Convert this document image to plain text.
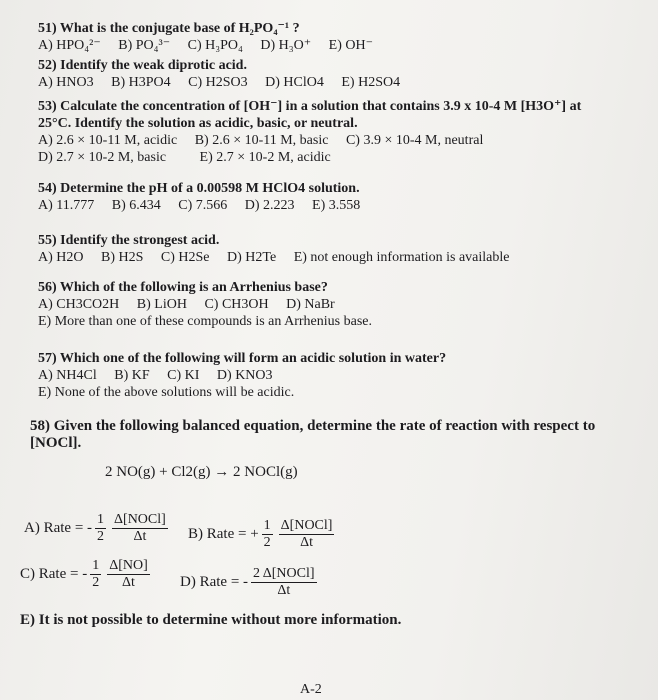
51) What is the conjugate base of H₂PO₄⁻¹ ?
A) HPO₄²⁻ B) PO₄³⁻ C) H₃PO₄ D) H₃O⁺ E) OH⁻
52) Identify the weak diprotic acid.
A) HNO3 B) H3PO4 C) H2SO3 D) HClO4 E) H2SO4
53) Calculate the concentration of [OH⁻] in a solution that contains 3.9 x 10-4 M [H3O⁺] at
25°C. Identify the solution as acidic, basic, or neutral.
A) 2.6 × 10-11 M, acidic B) 2.6 × 10-11 M, basic C) 3.9 × 10-4 M, neutral
D) 2.7 × 10-2 M, basic E) 2.7 × 10-2 M, acidic
54) Determine the pH of a 0.00598 M HClO4 solution.
A) 11.777 B) 6.434 C) 7.566 D) 2.223 E) 3.558
55) Identify the strongest acid.
A) H2O B) H2S C) H2Se D) H2Te E) not enough information is available
56) Which of the following is an Arrhenius base?
A) CH3CO2H B) LiOH C) CH3OH D) NaBr
E) More than one of these compounds is an Arrhenius base.
57) Which one of the following will form an acidic solution in water?
A) NH4Cl B) KF C) KI D) KNO3
E) None of the above solutions will be acidic.
58) Given the following balanced equation, determine the rate of reaction with respect to
[NOCl].
2 NO(g) + Cl2(g) → 2 NOCl(g)
A) Rate = - $\frac{1}{2} \frac{\text{Δ[NOCl]}}{\Delta t} B$) Rate = + $\frac{1}{2} \frac{\text{Δ[NOCl]}}{\Delta t}$
C) Rate = - $\frac{1}{2} \frac{\Delta[NO]}{\Delta t} D$) Rate = - $\frac{\text{2 Δ[NOCl]}}{\Delta t}$
E) It is not possible to determine without more information.
A-2
